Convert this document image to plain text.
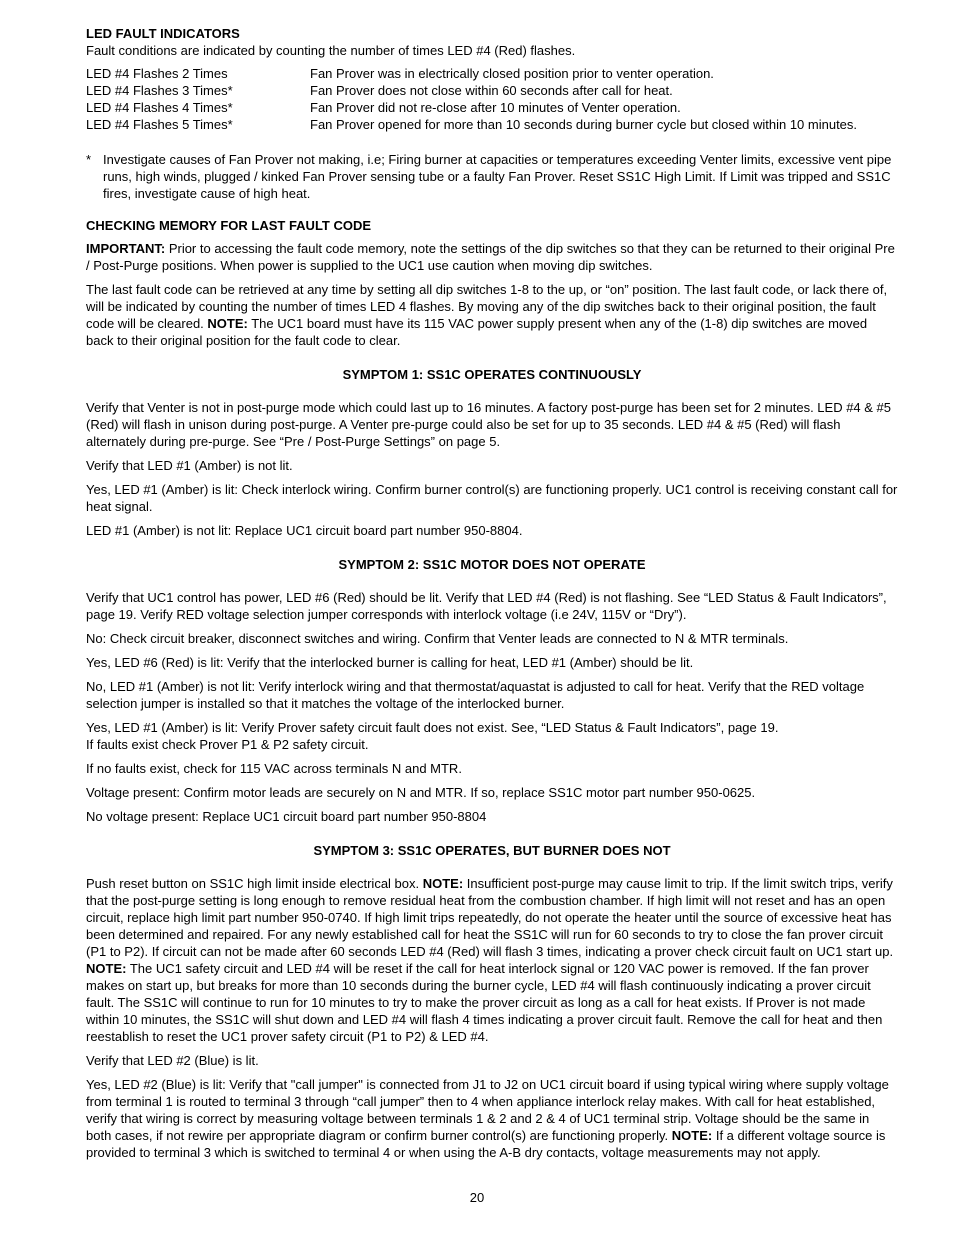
LED FAULT INDICATORS

Fault conditions are indicated by counting the number of times LED #4 (Red) flashes.

LED #4 Flashes 2 Times	Fan Prover was in electrically closed position prior to venter operation.

LED #4 Flashes 3 Times*	Fan Prover does not close within 60 seconds after call for heat.

LED #4 Flashes 4 Times*	Fan Prover did not re-close after 10 minutes of Venter operation.

LED #4 Flashes 5 Times*	Fan Prover opened for more than 10 seconds during burner cycle but closed within 10 minutes.

* Investigate causes of Fan Prover not making, i.e; Firing burner at capacities or temperatures exceeding Venter limits, excessive vent pipe runs, high winds, plugged / kinked Fan Prover sensing tube or a faulty Fan Prover. Reset SS1C High Limit. If Limit was tripped and SS1C fires, investigate cause of high heat.

CHECKING MEMORY FOR LAST FAULT CODE

IMPORTANT: Prior to accessing the fault code memory, note the settings of the dip switches so that they can be returned to their original Pre / Post-Purge positions. When power is supplied to the UC1 use caution when moving dip switches.

The last fault code can be retrieved at any time by setting all dip switches 1-8 to the up, or “on” position. The last fault code, or lack there of, will be indicated by counting the number of times LED 4 flashes. By moving any of the dip switches back to their original position, the fault code will be cleared. NOTE: The UC1 board must have its 115 VAC power supply present when any of the (1-8) dip switches are moved back to their original position for the fault code to clear.

SYMPTOM 1: SS1C OPERATES CONTINUOUSLY

Verify that Venter is not in post-purge mode which could last up to 16 minutes. A factory post-purge has been set for 2 minutes. LED #4 & #5 (Red) will flash in unison during post-purge. A Venter pre-purge could also be set for up to 35 seconds. LED #4 & #5 (Red) will flash alternately during pre-purge. See “Pre / Post-Purge Settings” on page 5.

Verify that LED #1 (Amber) is not lit.

Yes, LED #1 (Amber) is lit: Check interlock wiring. Confirm burner control(s) are functioning properly. UC1 control is receiving constant call for heat signal.

LED #1 (Amber) is not lit: Replace UC1 circuit board part number 950-8804.

SYMPTOM 2: SS1C MOTOR DOES NOT OPERATE

Verify that UC1 control has power, LED #6 (Red) should be lit. Verify that LED #4 (Red) is not flashing. See “LED Status & Fault Indicators”, page 19. Verify RED voltage selection jumper corresponds with interlock voltage (i.e 24V, 115V or “Dry”).

No: Check circuit breaker, disconnect switches and wiring. Confirm that Venter leads are connected to N & MTR terminals.

Yes, LED #6 (Red) is lit: Verify that the interlocked burner is calling for heat, LED #1 (Amber) should be lit.

No, LED #1 (Amber) is not lit: Verify interlock wiring and that thermostat/aquastat is adjusted to call for heat. Verify that the RED voltage selection jumper is installed so that it matches the voltage of the interlocked burner.

Yes, LED #1 (Amber) is lit: Verify Prover safety circuit fault does not exist. See, “LED Status & Fault Indicators”, page 19.
If faults exist check Prover P1 & P2 safety circuit.

If no faults exist, check for 115 VAC across terminals N and MTR.

Voltage present: Confirm motor leads are securely on N and MTR. If so, replace SS1C motor part number 950-0625.

No voltage present: Replace UC1 circuit board part number 950-8804

SYMPTOM 3: SS1C OPERATES, BUT BURNER DOES NOT

Push reset button on SS1C high limit inside electrical box. NOTE: Insufficient post-purge may cause limit to trip. If the limit switch trips, verify that the post-purge setting is long enough to remove residual heat from the combustion chamber. If high limit will not reset and has an open circuit, replace high limit part number 950-0740. If high limit trips repeatedly, do not operate the heater until the source of excessive heat has been determined and repaired. For any newly established call for heat the SS1C will run for 60 seconds to try to close the fan prover circuit (P1 to P2). If circuit can not be made after 60 seconds LED #4 (Red) will flash 3 times, indicating a prover check circuit fault on UC1 start up. NOTE: The UC1 safety circuit and LED #4 will be reset if the call for heat interlock signal or 120 VAC power is removed. If the fan prover makes on start up, but breaks for more than 10 seconds during the burner cycle, LED #4 will flash continuously indicating a prover circuit fault. The SS1C will continue to run for 10 minutes to try to make the prover circuit as long as a call for heat exists. If Prover is not made within 10 minutes, the SS1C will shut down and LED #4 will flash 4 times indicating a prover circuit fault. Remove the call for heat and then reestablish to reset the UC1 prover safety circuit (P1 to P2) & LED #4.

Verify that LED #2 (Blue) is lit.

Yes, LED #2 (Blue) is lit: Verify that "call jumper" is connected from J1 to J2 on UC1 circuit board if using typical wiring where supply voltage from terminal 1 is routed to terminal 3 through “call jumper” then to 4 when appliance interlock relay makes. With call for heat established, verify that wiring is correct by measuring voltage between terminals 1 & 2 and 2 & 4 of UC1 terminal strip. Voltage should be the same in both cases, if not rewire per appropriate diagram or confirm burner control(s) are functioning properly. NOTE: If a different voltage source is provided to terminal 3 which is switched to terminal 4 or when using the A-B dry contacts, voltage measurements may not apply.

20
